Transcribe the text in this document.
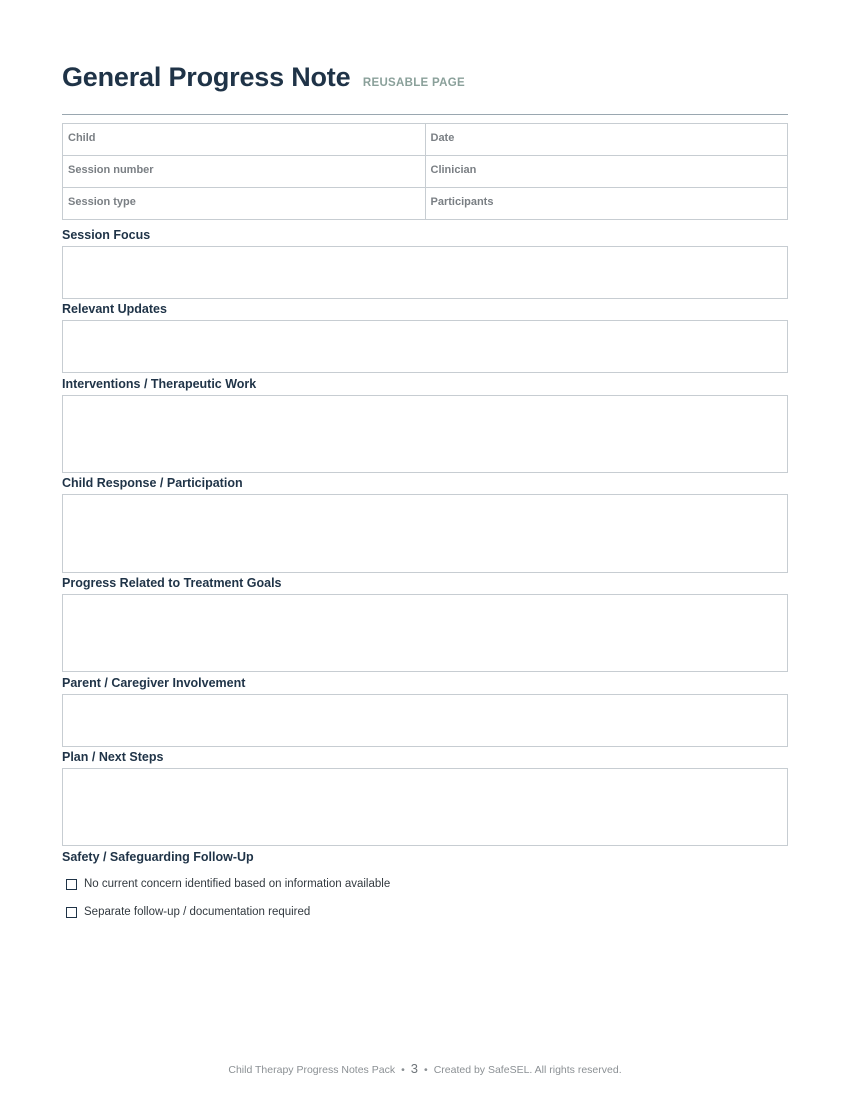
General Progress Note REUSABLE PAGE
Child	Date
Session number	Clinician
Session type	Participants
Session Focus
Relevant Updates
Interventions / Therapeutic Work
Child Response / Participation
Progress Related to Treatment Goals
Parent / Caregiver Involvement
Plan / Next Steps
Safety / Safeguarding Follow-Up
No current concern identified based on information available
Separate follow-up / documentation required
Child Therapy Progress Notes Pack • 3 • Created by SafeSEL. All rights reserved.
